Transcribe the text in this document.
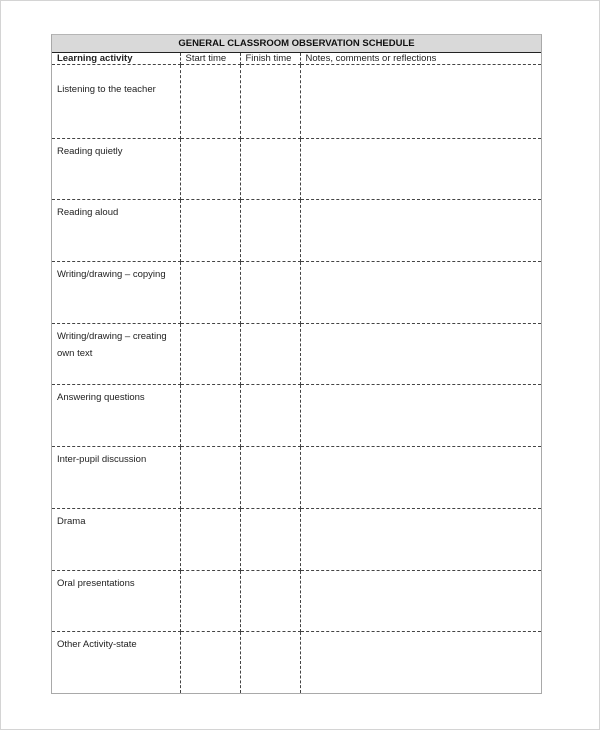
GENERAL CLASSROOM OBSERVATION SCHEDULE
Learning activity	Start time	Finish time	Notes, comments or reflections
Listening to the teacher			
Reading quietly			
Reading aloud			
Writing/drawing – copying			
Writing/drawing – creating own text			
Answering questions			
Inter-pupil discussion			
Drama			
Oral presentations			
Other Activity-state			
